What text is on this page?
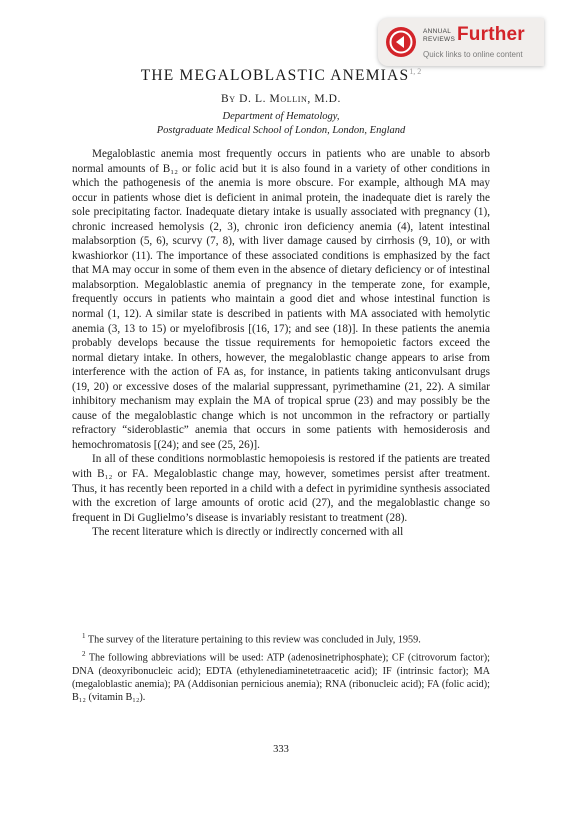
ANNUAL
REVIEWS Further
Quick links to online content
THE MEGALOBLASTIC ANEMIAS$^{1, 2}$
By D. L. Mollin, M.D.
Department of Hematology,
Postgraduate Medical School of London, London, England

Megaloblastic anemia most frequently occurs in patients who are unable to absorb normal amounts of B₁₂ or folic acid but it is also found in a variety of other conditions in which the pathogenesis of the anemia is more obscure. For example, although MA may occur in patients whose diet is deficient in animal protein, the inadequate diet is rarely the sole precipitating factor. Inadequate dietary intake is usually associated with pregnancy (1), chronic increased hemolysis (2, 3), chronic iron deficiency anemia (4), latent intestinal malabsorption (5, 6), scurvy (7, 8), with liver damage caused by cirrhosis (9, 10), or with kwashiorkor (11). The importance of these associated conditions is emphasized by the fact that MA may occur in some of them even in the absence of dietary deficiency or of intestinal malabsorption. Megaloblastic anemia of pregnancy in the temperate zone, for example, frequently occurs in patients who maintain a good diet and whose intestinal function is normal (1, 12). A similar state is described in patients with MA associated with hemolytic anemia (3, 13 to 15) or myelofibrosis [(16, 17); and see (18)]. In these patients the anemia probably develops because the tissue requirements for hemopoietic factors exceed the normal dietary intake. In others, however, the megaloblastic change appears to arise from interference with the action of FA as, for instance, in patients taking anticonvulsant drugs (19, 20) or excessive doses of the malarial suppressant, pyrimethamine (21, 22). A similar inhibitory mechanism may explain the MA of tropical sprue (23) and may possibly be the cause of the megaloblastic change which is not uncommon in the refractory or partially refractory “sideroblastic” anemia that occurs in some patients with hemosiderosis and hemochromatosis [(24); and see (25, 26)].

In all of these conditions normoblastic hemopoiesis is restored if the patients are treated with B₁₂ or FA. Megaloblastic change may, however, sometimes persist after treatment. Thus, it has recently been reported in a child with a defect in pyrimidine synthesis associated with the excretion of large amounts of orotic acid (27), and the megaloblastic change so frequent in Di Guglielmo’s disease is invariably resistant to treatment (28).

The recent literature which is directly or indirectly concerned with all

$^1$ The survey of the literature pertaining to this review was concluded in July, 1959.

$^2$ The following abbreviations will be used: ATP (adenosinetriphosphate); CF (citrovorum factor); DNA (deoxyribonucleic acid); EDTA (ethylenediaminetetraacetic acid); IF (intrinsic factor); MA (megaloblastic anemia); PA (Addisonian pernicious anemia); RNA (ribonucleic acid); FA (folic acid); B₁₂ (vitamin B₁₂).

333
